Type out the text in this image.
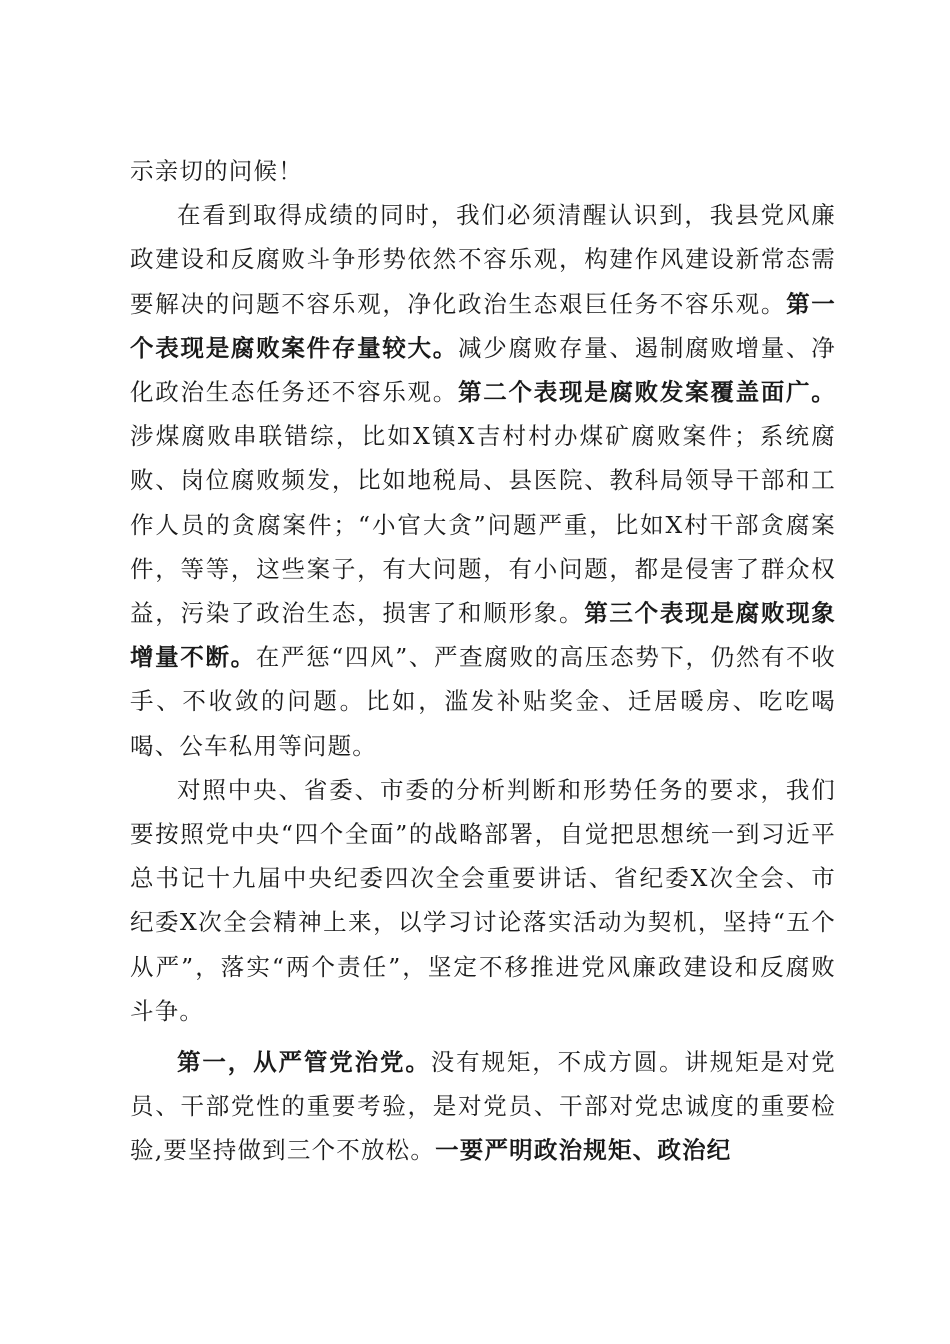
示亲切的问候！

在看到取得成绩的同时，我们必须清醒认识到，我县党风廉政建设和反腐败斗争形势依然不容乐观，构建作风建设新常态需要解决的问题不容乐观，净化政治生态艰巨任务不容乐观。第一个表现是腐败案件存量较大。减少腐败存量、遏制腐败增量、净化政治生态任务还不容乐观。第二个表现是腐败发案覆盖面广。涉煤腐败串联错综，比如X镇X吉村村办煤矿腐败案件；系统腐败、岗位腐败频发，比如地税局、县医院、教科局领导干部和工作人员的贪腐案件；“小官大贪”问题严重，比如X村干部贪腐案件，等等，这些案子，有大问题，有小问题，都是侵害了群众权益，污染了政治生态，损害了和顺形象。第三个表现是腐败现象增量不断。在严惩“四风”、严查腐败的高压态势下，仍然有不收手、不收敛的问题。比如，滥发补贴奖金、迁居暖房、吃吃喝喝、公车私用等问题。

对照中央、省委、市委的分析判断和形势任务的要求，我们要按照党中央“四个全面”的战略部署，自觉把思想统一到习近平总书记十九届中央纪委四次全会重要讲话、省纪委X次全会、市纪委X次全会精神上来，以学习讨论落实活动为契机，坚持“五个从严”，落实“两个责任”，坚定不移推进党风廉政建设和反腐败斗争。

第一，从严管党治党。没有规矩，不成方圆。讲规矩是对党员、干部党性的重要考验，是对党员、干部对党忠诚度的重要检验,要坚持做到三个不放松。一要严明政治规矩、政治纪
